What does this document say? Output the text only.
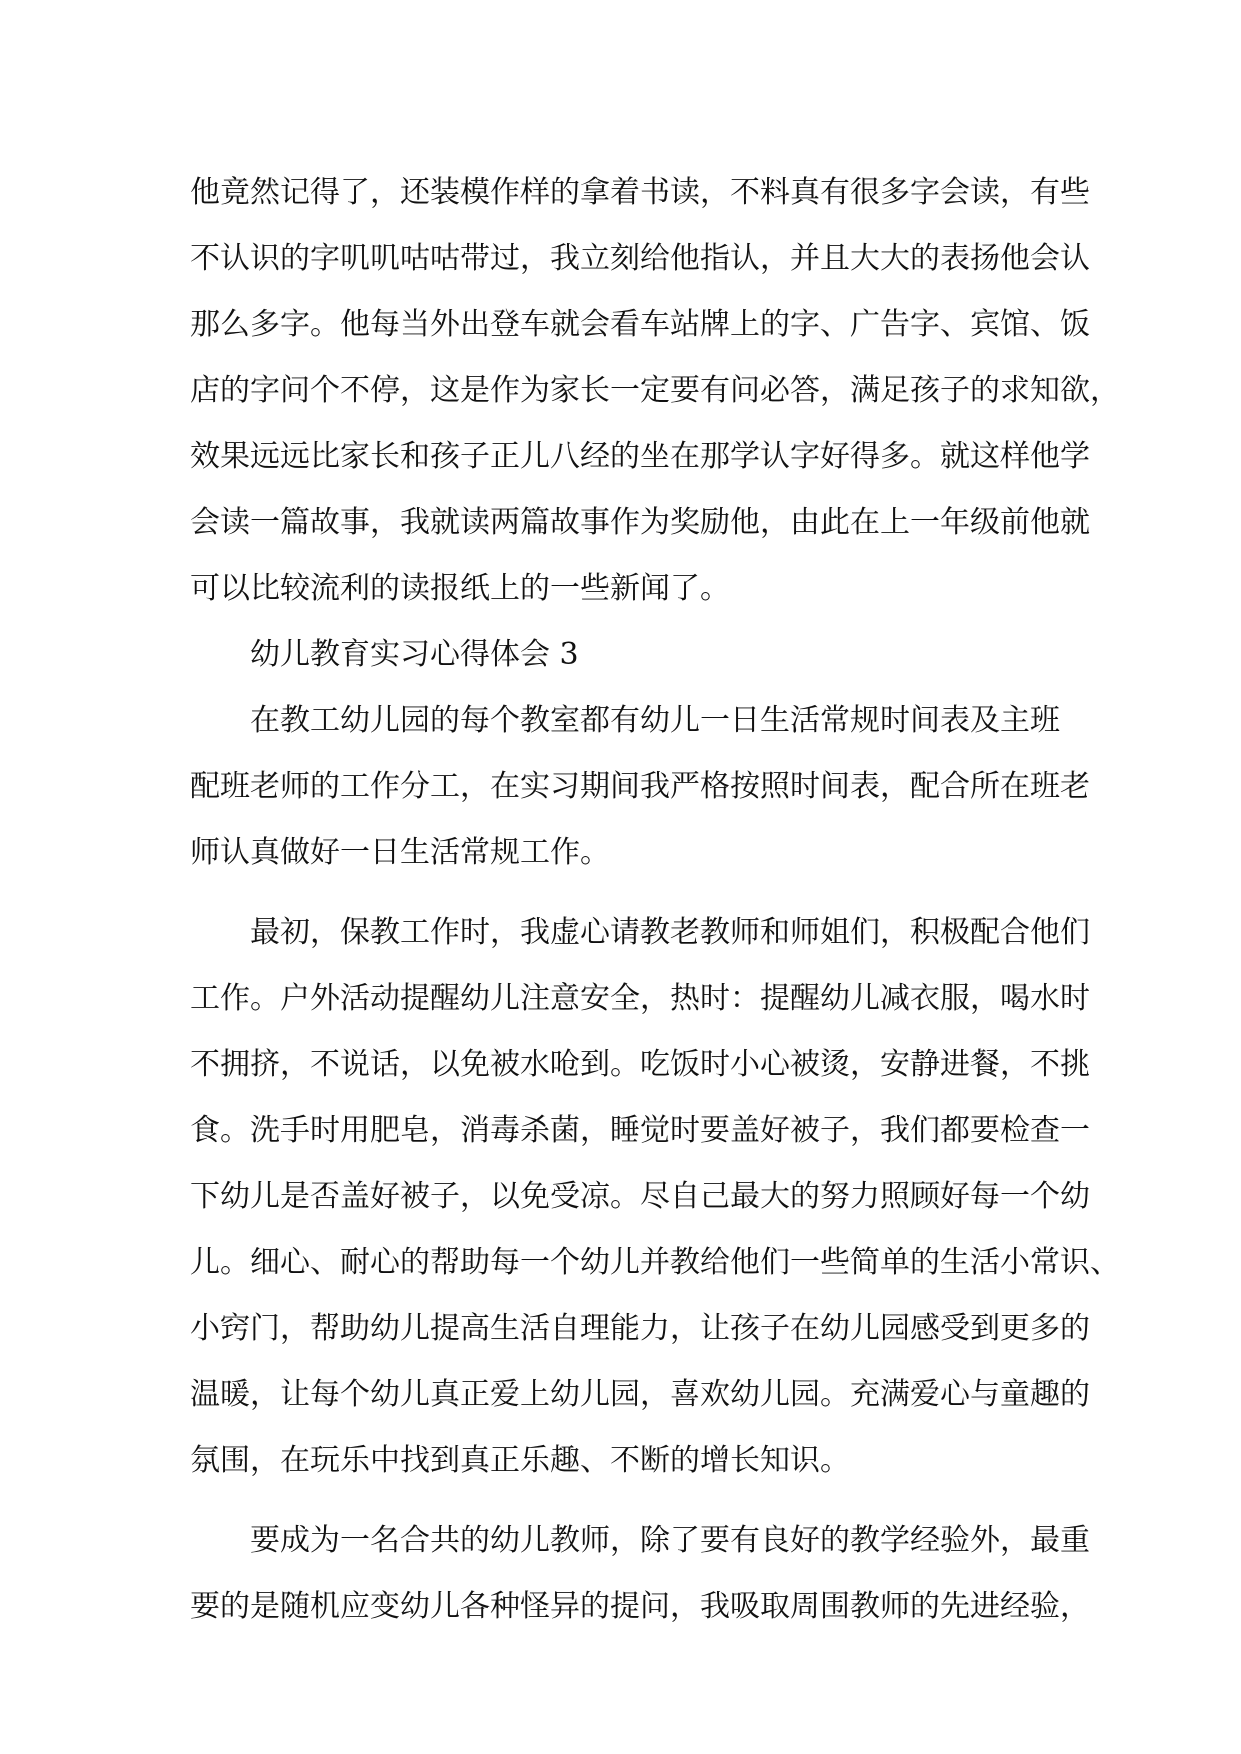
他竟然记得了，还装模作样的拿着书读，不料真有很多字会读，有些
不认识的字叽叽咕咕带过，我立刻给他指认，并且大大的表扬他会认
那么多字。他每当外出登车就会看车站牌上的字、广告字、宾馆、饭
店的字问个不停，这是作为家长一定要有问必答，满足孩子的求知欲，
效果远远比家长和孩子正儿八经的坐在那学认字好得多。就这样他学
会读一篇故事，我就读两篇故事作为奖励他，由此在上一年级前他就
可以比较流利的读报纸上的一些新闻了。
幼儿教育实习心得体会 3
在教工幼儿园的每个教室都有幼儿一日生活常规时间表及主班
配班老师的工作分工，在实习期间我严格按照时间表，配合所在班老
师认真做好一日生活常规工作。
最初，保教工作时，我虚心请教老教师和师姐们，积极配合他们
工作。户外活动提醒幼儿注意安全，热时：提醒幼儿减衣服，喝水时
不拥挤，不说话，以免被水呛到。吃饭时小心被烫，安静进餐，不挑
食。洗手时用肥皂，消毒杀菌，睡觉时要盖好被子，我们都要检查一
下幼儿是否盖好被子，以免受凉。尽自己最大的努力照顾好每一个幼
儿。细心、耐心的帮助每一个幼儿并教给他们一些简单的生活小常识、
小窍门，帮助幼儿提高生活自理能力，让孩子在幼儿园感受到更多的
温暖，让每个幼儿真正爱上幼儿园，喜欢幼儿园。充满爱心与童趣的
氛围，在玩乐中找到真正乐趣、不断的增长知识。
要成为一名合共的幼儿教师，除了要有良好的教学经验外，最重
要的是随机应变幼儿各种怪异的提问，我吸取周围教师的先进经验，
